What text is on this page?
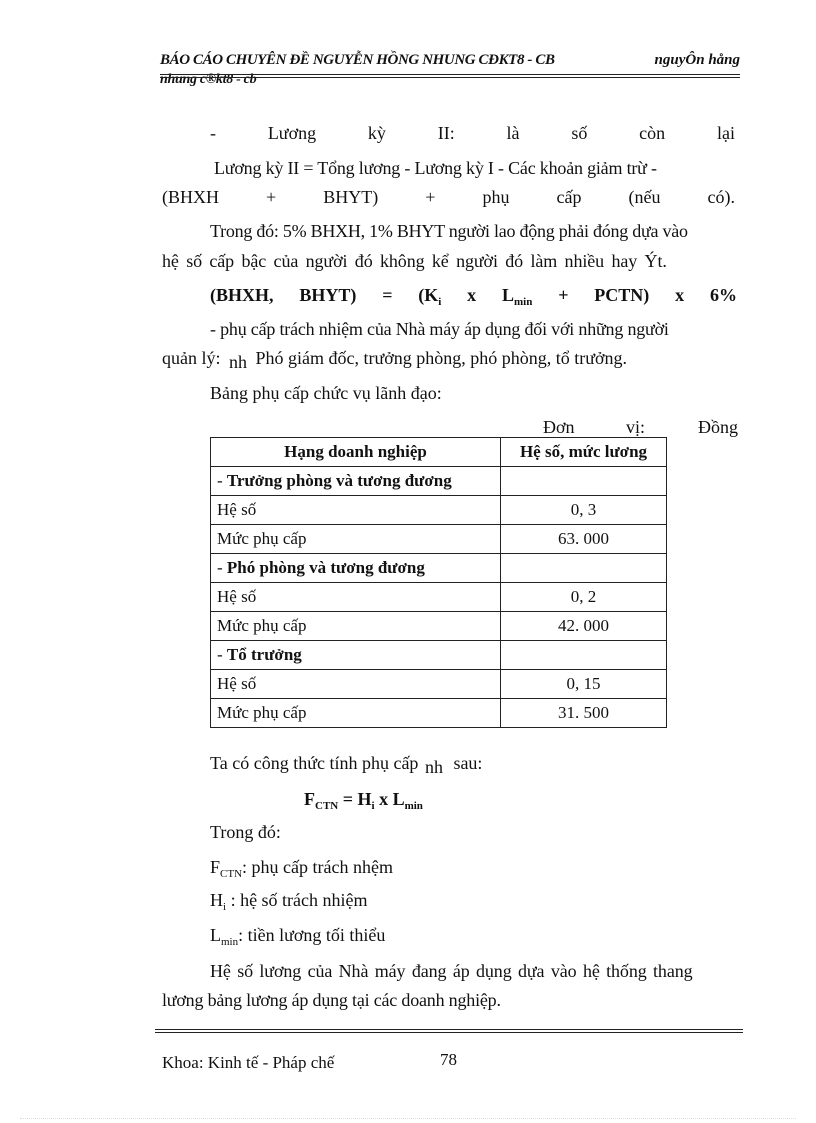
BÁO CÁO CHUYÊN ĐỀ NGUYỄN HỒNG NHUNG CĐKT8 - CB	nguyÔn hång
nhung c®kt8 - cb
-	Lương	kỳ	II:	là	số	còn	lại
Lương kỳ II = Tổng lương - Lương kỳ I - Các khoản giảm trừ -
(BHXH	+	BHYT)	+	phụ	cấp	(nếu	có).
Trong đó: 5% BHXH, 1% BHYT người lao động phải đóng dựa vào
hệ số cấp bậc của người đó không kể người đó làm nhiều hay Ýt.
(BHXH, BHYT) = ($K_i$ x $L_{min}$ + PCTN) x 6%
- phụ cấp trách nhiệm của Nhà máy áp dụng đối với những người
quản lý: nh Phó giám đốc, trưởng phòng, phó phòng, tổ trưởng.
Bảng phụ cấp chức vụ lãnh đạo:
Đơn	vị:	Đồng
Hạng doanh nghiệp	Hệ số, mức lương
- Trưởng phòng và tương đương	
Hệ số	0, 3
Mức phụ cấp	63. 000
- Phó phòng và tương đương	
Hệ số	0, 2
Mức phụ cấp	42. 000
- Tổ trưởng	
Hệ số	0, 15
Mức phụ cấp	31. 500
Ta có công thức tính phụ cấp nh sau:
$F_{CTN} = H_i$ x $L_{min}$
Trong đó:
$F_{CTN}$: phụ cấp trách nhệm
$H_i$ : hệ số trách nhiệm
$L_{min}$: tiền lương tối thiểu
Hệ số lương của Nhà máy đang áp dụng dựa vào hệ thống thang
lương bảng lương áp dụng tại các doanh nghiệp.
Khoa: Kinh tế - Pháp chế	78
